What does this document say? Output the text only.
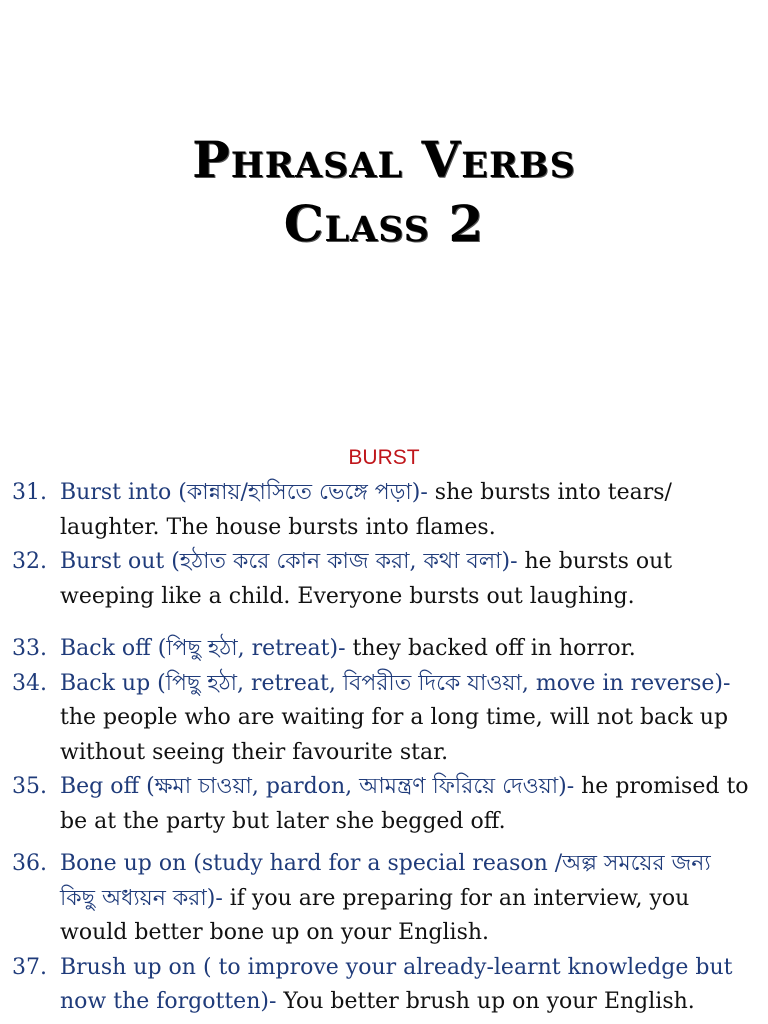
Phrasal Verbs
Class 2
BURST
31. Burst into (কান্নায়/হাসিতে ভেঙ্গে পড়া)- she bursts into tears/ laughter. The house bursts into flames.
32. Burst out (হঠাত করে কোন কাজ করা, কথা বলা)- he bursts out weeping like a child. Everyone bursts out laughing.
33. Back off (পিছু হঠা, retreat)- they backed off in horror.
34. Back up (পিছু হঠা, retreat, বিপরীত দিকে যাওয়া, move in reverse)-the people who are waiting for a long time, will not back up without seeing their favourite star.
35. Beg off (ক্ষমা চাওয়া, pardon, আমন্ত্রণ ফিরিয়ে দেওয়া)- he promised to be at the party but later she begged off.
36. Bone up on (study hard for a special reason /অল্প সময়ের জন্য কিছু অধ্যয়ন করা)- if you are preparing for an interview, you would better bone up on your English.
37. Brush up on ( to improve your already-learnt knowledge but now the forgotten)- You better brush up on your English.
